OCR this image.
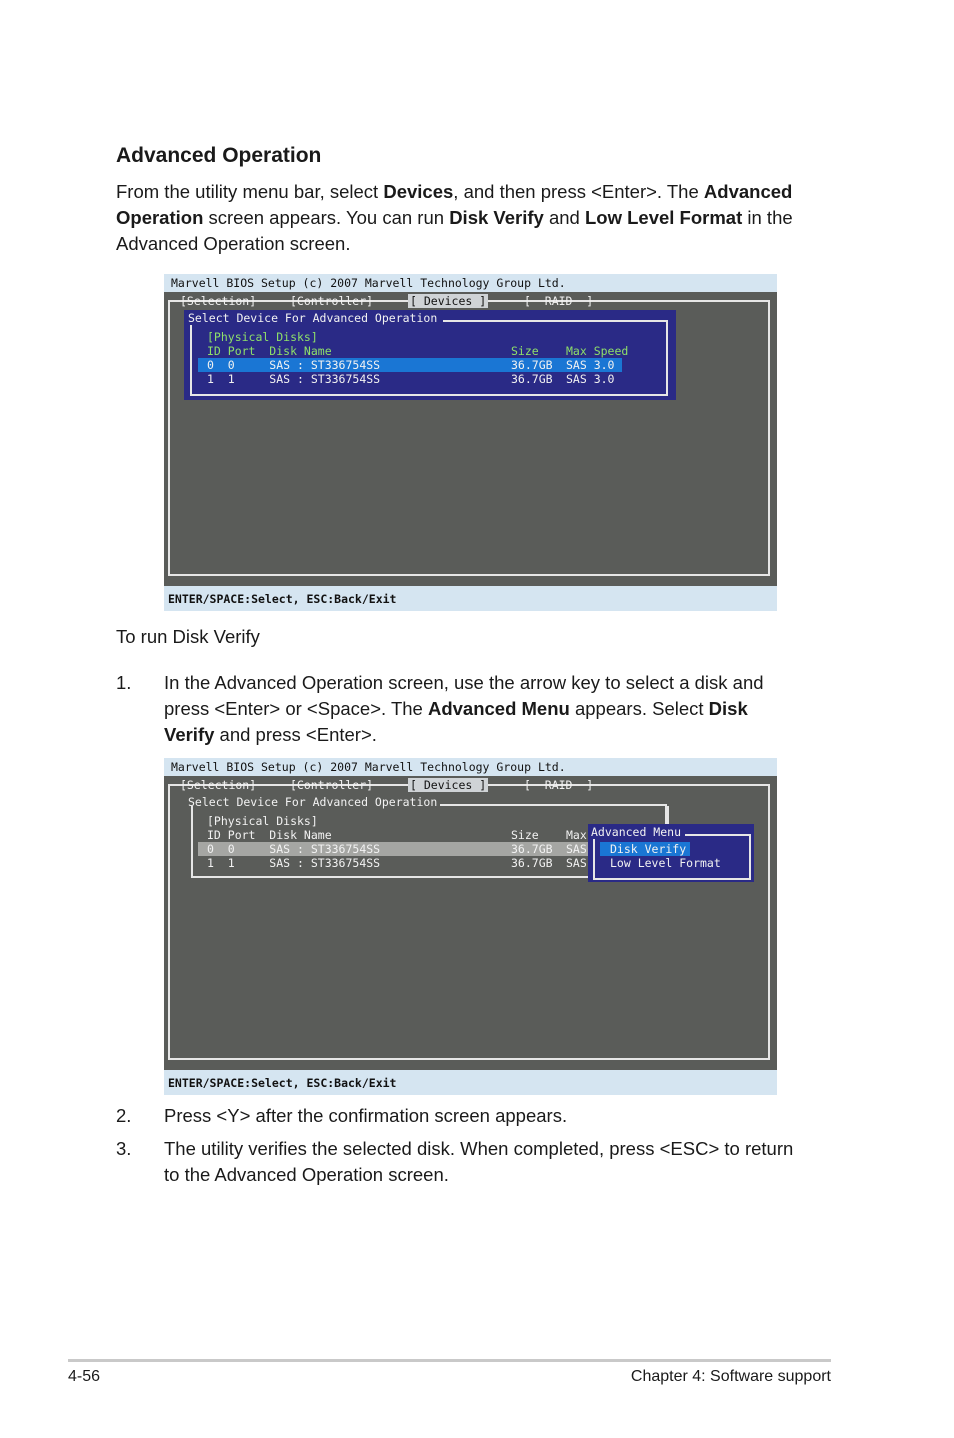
Advanced Operation
From the utility menu bar, select Devices, and then press <Enter>. The Advanced
Operation screen appears. You can run Disk Verify and Low Level Format in the
Advanced Operation screen.
Marvell BIOS Setup (c) 2007 Marvell Technology Group Ltd.
[Selection]	[Controller]	[ Devices ]	[  RAID  ]
Select Device For Advanced Operation
[Physical Disks]
ID Port  Disk Name	Size Max Speed
0  0     SAS : ST336754SS	36.7GB SAS 3.0
1  1     SAS : ST336754SS	36.7GB SAS 3.0
ENTER/SPACE:Select, ESC:Back/Exit
To run Disk Verify
1. In the Advanced Operation screen, use the arrow key to select a disk and
press <Enter> or <Space>. The Advanced Menu appears. Select Disk
Verify and press <Enter>.
Marvell BIOS Setup (c) 2007 Marvell Technology Group Ltd.
[Selection]	[Controller]	[ Devices ]	[  RAID  ]
Select Device For Advanced Operation
[Physical Disks]
ID Port  Disk Name	Size Max
0  0     SAS : ST336754SS	36.7GB SAS
1  1     SAS : ST336754SS	36.7GB SAS
Advanced Menu
Disk Verify
Low Level Format
ENTER/SPACE:Select, ESC:Back/Exit
2. Press <Y> after the confirmation screen appears.
3. The utility verifies the selected disk. When completed, press <ESC> to return
to the Advanced Operation screen.
4-56	Chapter 4: Software support
